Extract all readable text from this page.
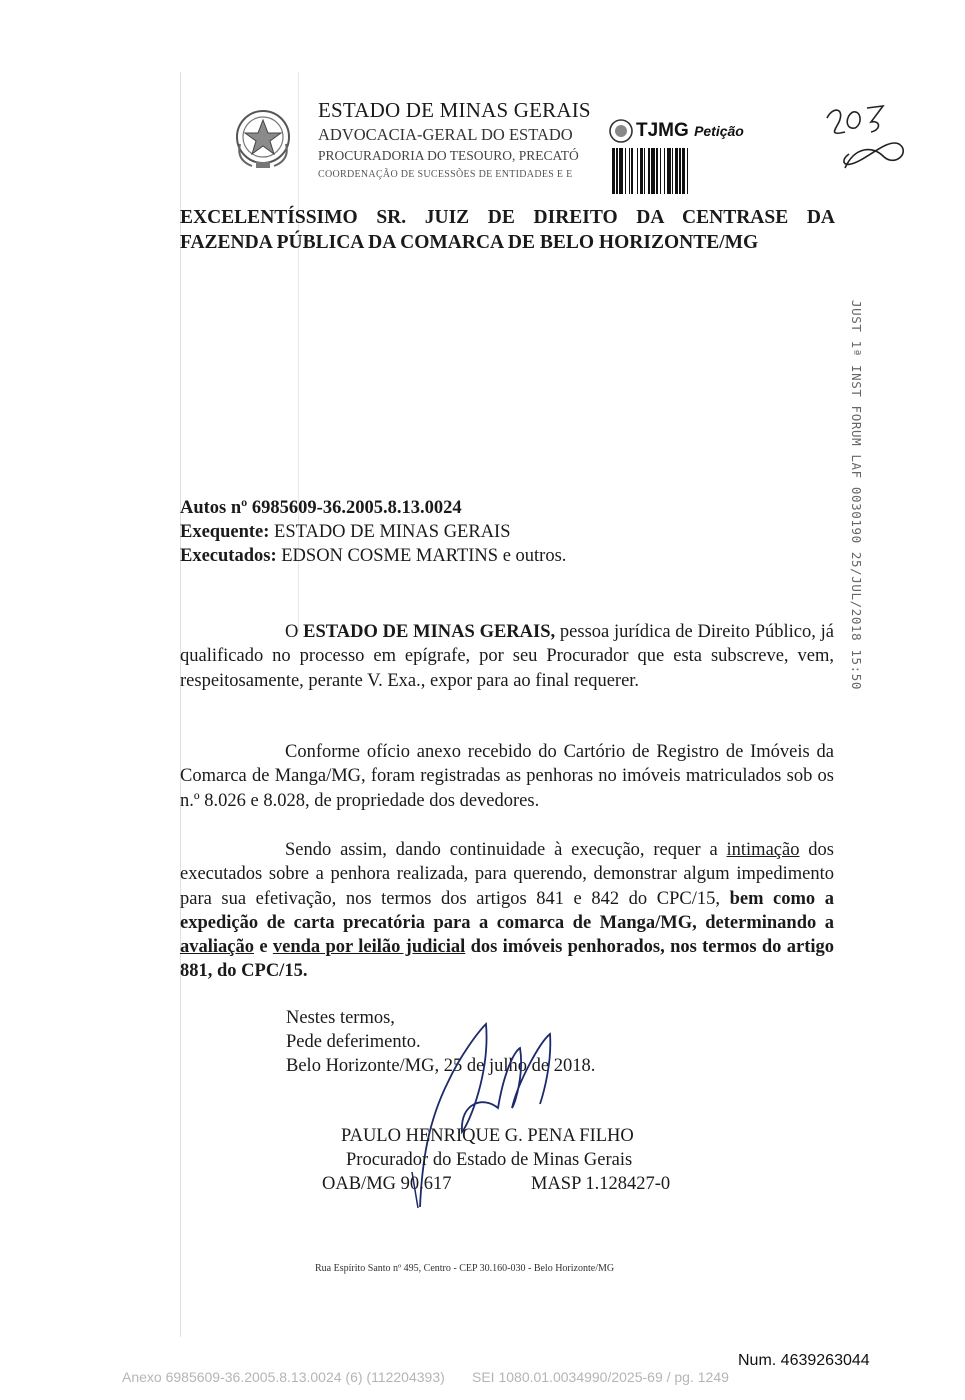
ESTADO DE MINAS GERAIS
ADVOCACIA-GERAL DO ESTADO
PROCURADORIA DO TESOURO, PRECATÓ
COORDENAÇÃO DE SUCESSÕES DE ENTIDADES E E
TJMG Petição
EXCELENTÍSSIMO SR. JUIZ DE DIREITO DA CENTRASE DA FAZENDA PÚBLICA DA COMARCA DE BELO HORIZONTE/MG
JUST 1ª INST FORUM LAF 0030190 25/JUL/2018 15:50
Autos nº 6985609-36.2005.8.13.0024
Exequente: ESTADO DE MINAS GERAIS
Executados: EDSON COSME MARTINS e outros.

O ESTADO DE MINAS GERAIS, pessoa jurídica de Direito Público, já qualificado no processo em epígrafe, por seu Procurador que esta subscreve, vem, respeitosamente, perante V. Exa., expor para ao final requerer.

Conforme ofício anexo recebido do Cartório de Registro de Imóveis da Comarca de Manga/MG, foram registradas as penhoras no imóveis matriculados sob os n.º 8.026 e 8.028, de propriedade dos devedores.

Sendo assim, dando continuidade à execução, requer a intimação dos executados sobre a penhora realizada, para querendo, demonstrar algum impedimento para sua efetivação, nos termos dos artigos 841 e 842 do CPC/15, bem como a expedição de carta precatória para a comarca de Manga/MG, determinando a avaliação e venda por leilão judicial dos imóveis penhorados, nos termos do artigo 881, do CPC/15.

Nestes termos,
Pede deferimento.
Belo Horizonte/MG, 25 de julho de 2018.
PAULO HENRIQUE G. PENA FILHO
Procurador do Estado de Minas Gerais
OAB/MG 90.617	MASP 1.128427-0
Rua Espírito Santo nº 495, Centro - CEP 30.160-030 - Belo Horizonte/MG
Num. 4639263044
Anexo 6985609-36.2005.8.13.0024 (6) (112204393)       SEI 1080.01.0034990/2025-69 / pg. 1249
